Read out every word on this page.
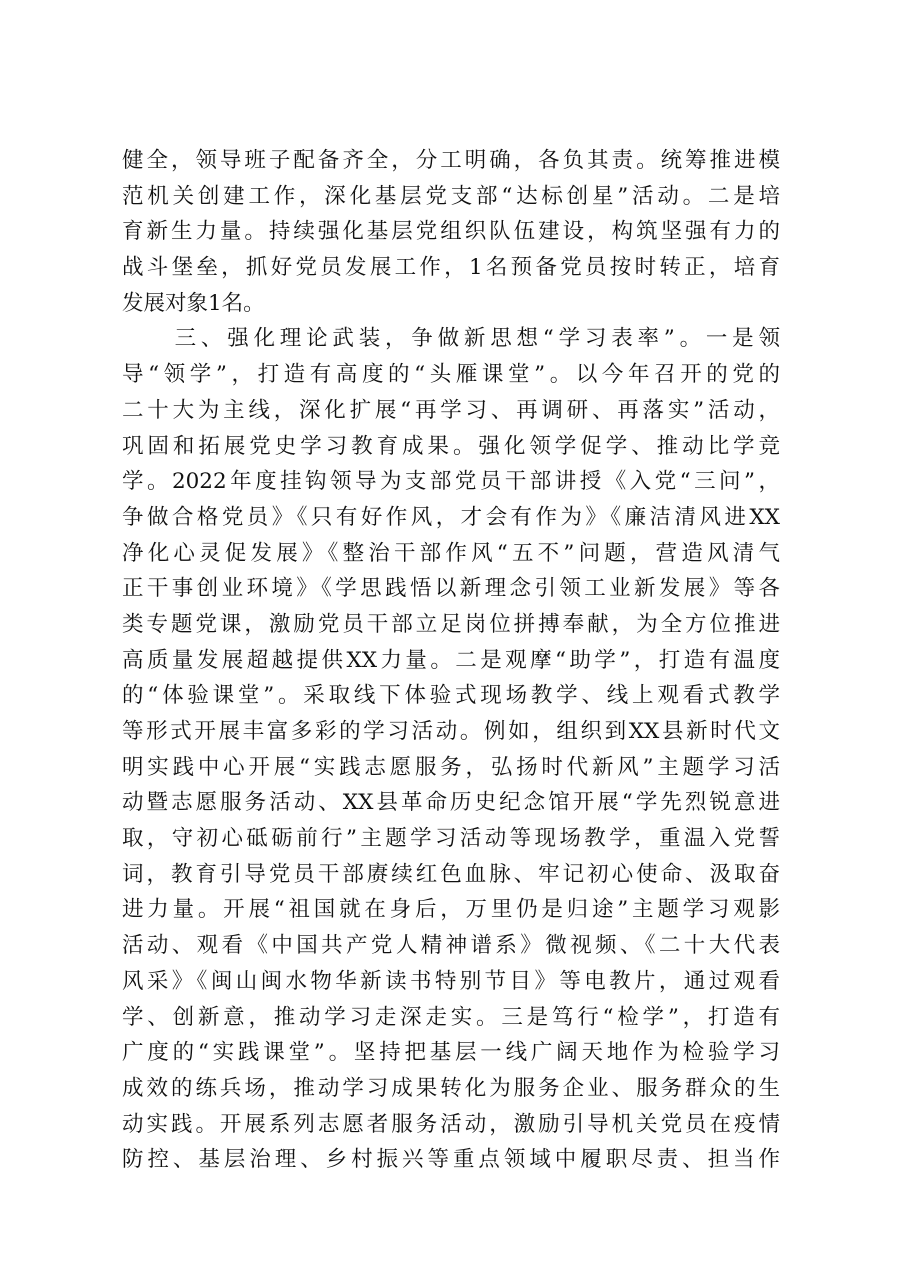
健全，领导班子配备齐全，分工明确，各负其责。统筹推进模
范机关创建工作，深化基层党支部“达标创星”活动。二是培
育新生力量。持续强化基层党组织队伍建设，构筑坚强有力的
战斗堡垒，抓好党员发展工作，1名预备党员按时转正，培育
发展对象1名。
　　三、强化理论武装，争做新思想“学习表率”。一是领
导“领学”，打造有高度的“头雁课堂”。以今年召开的党的
二十大为主线，深化扩展“再学习、再调研、再落实”活动，
巩固和拓展党史学习教育成果。强化领学促学、推动比学竞
学。2022年度挂钩领导为支部党员干部讲授《入党“三问”，
争做合格党员》《只有好作风，才会有作为》《廉洁清风进XX
净化心灵促发展》《整治干部作风“五不”问题，营造风清气
正干事创业环境》《学思践悟以新理念引领工业新发展》等各
类专题党课，激励党员干部立足岗位拼搏奉献，为全方位推进
高质量发展超越提供XX力量。二是观摩“助学”，打造有温度
的“体验课堂”。采取线下体验式现场教学、线上观看式教学
等形式开展丰富多彩的学习活动。例如，组织到XX县新时代文
明实践中心开展“实践志愿服务，弘扬时代新风”主题学习活
动暨志愿服务活动、XX县革命历史纪念馆开展“学先烈锐意进
取，守初心砥砺前行”主题学习活动等现场教学，重温入党誓
词，教育引导党员干部赓续红色血脉、牢记初心使命、汲取奋
进力量。开展“祖国就在身后，万里仍是归途”主题学习观影
活动、观看《中国共产党人精神谱系》微视频、《二十大代表
风采》《闽山闽水物华新读书特别节目》等电教片，通过观看
学、创新意，推动学习走深走实。三是笃行“检学”，打造有
广度的“实践课堂”。坚持把基层一线广阔天地作为检验学习
成效的练兵场，推动学习成果转化为服务企业、服务群众的生
动实践。开展系列志愿者服务活动，激励引导机关党员在疫情
防控、基层治理、乡村振兴等重点领域中履职尽责、担当作
